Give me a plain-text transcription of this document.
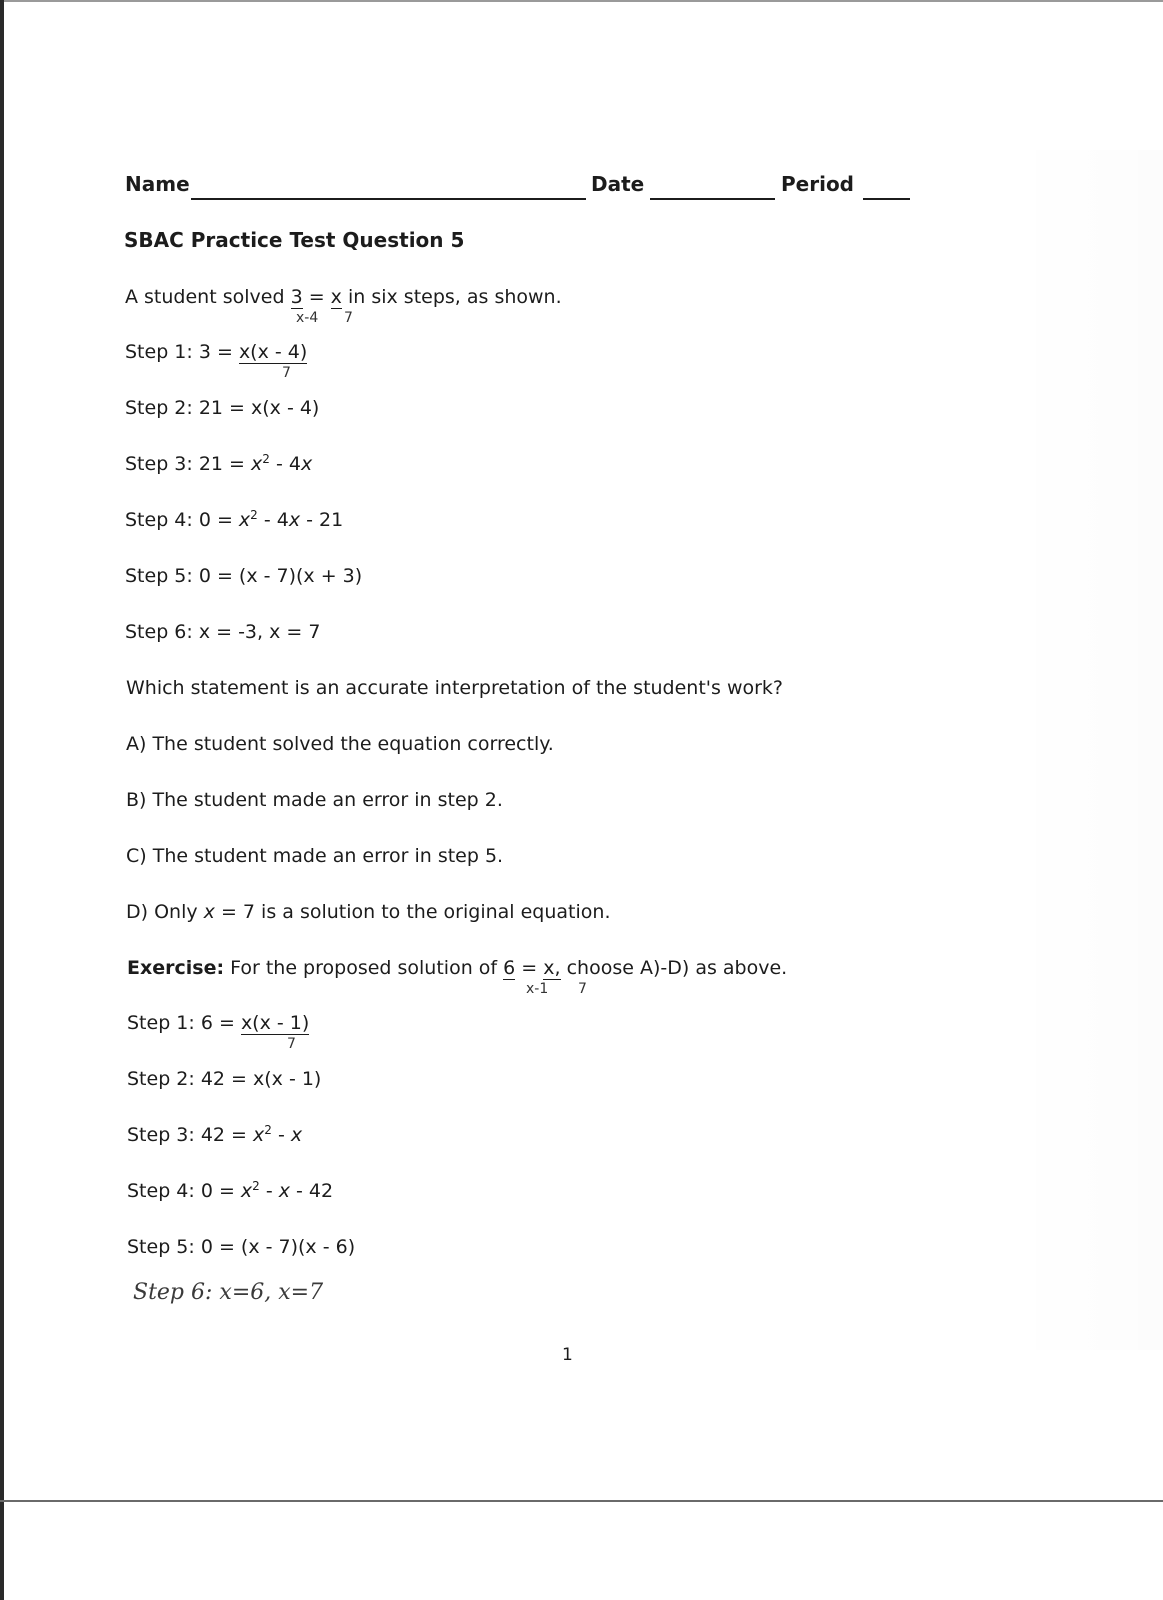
Name	Date	Period
SBAC Practice Test Question 5
A student solved 3 = x in six steps, as shown.
x-4 7
Step 1: 3 = x(x - 4)
7
Step 2: 21 = x(x - 4)
Step 3: $21 = x^2 - 4x$
Step 4: $0 = x^2 - 4x - 21$
Step 5: 0 = (x - 7)(x + 3)
Step 6: x = -3, x = 7
Which statement is an accurate interpretation of the student's work?
A) The student solved the equation correctly.
B) The student made an error in step 2.
C) The student made an error in step 5.
D) Only x = 7 is a solution to the original equation.
Exercise: For the proposed solution of 6 = x, choose A)-D) as above.
x-1 7
Step 1: 6 = x(x - 1)
7
Step 2: 42 = x(x - 1)
Step 3: $42 = x^2 - x$
Step 4: $0 = x^2 - x - 42$
Step 5: 0 = (x - 7)(x - 6)
Step 6: x=6, x=7
1
